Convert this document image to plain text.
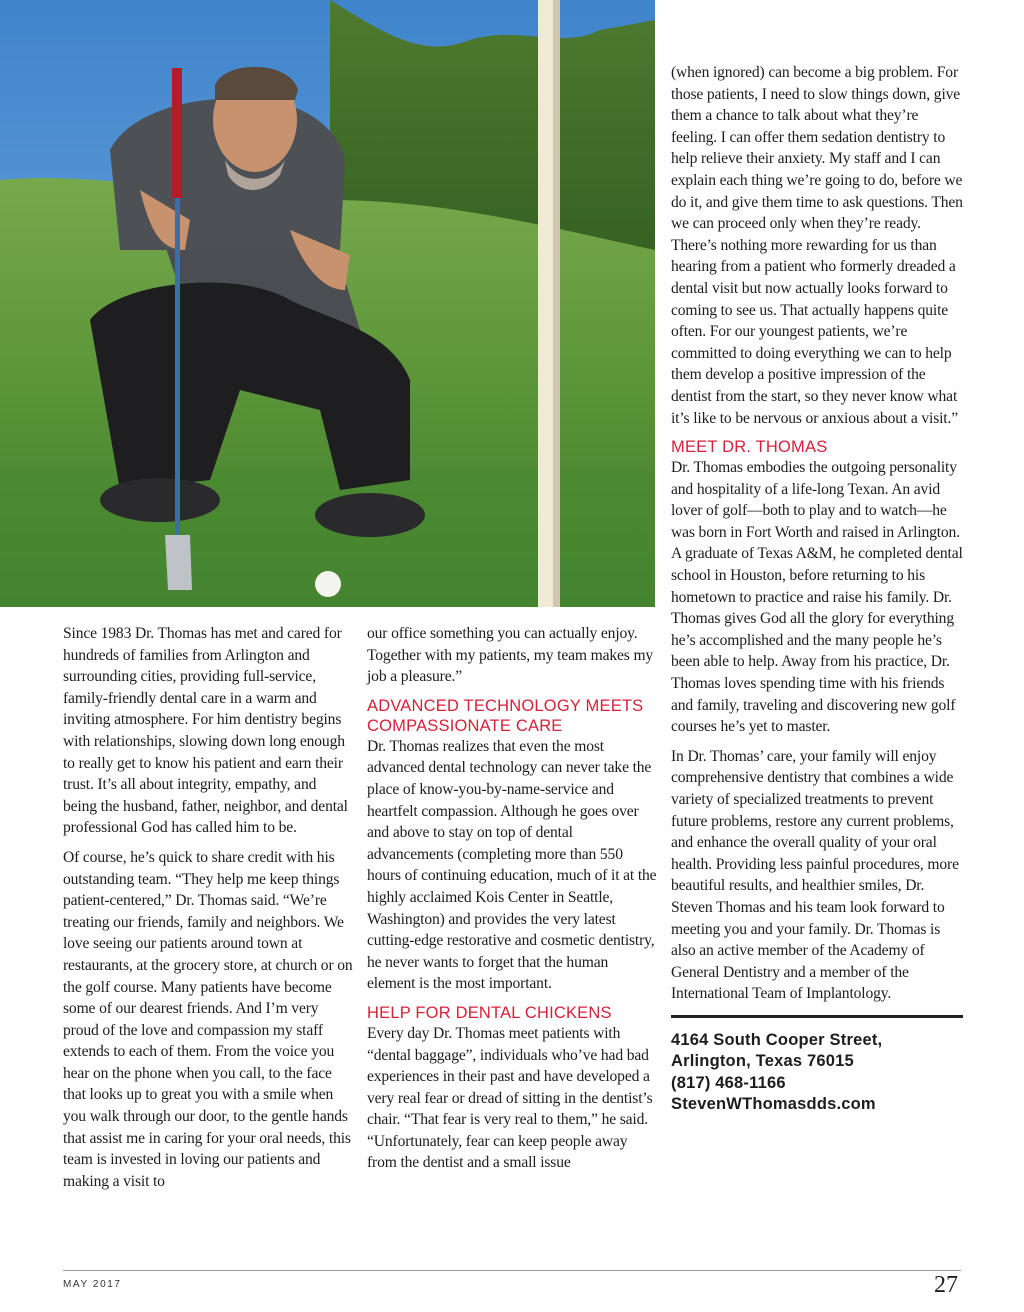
Since 1983 Dr. Thomas has met and cared for hundreds of families from Arlington and surrounding cities, providing full-service, family-friendly dental care in a warm and inviting atmosphere. For him dentistry begins with relationships, slowing down long enough to really get to know his patient and earn their trust. It’s all about integrity, empathy, and being the husband, father, neighbor, and dental professional God has called him to be.

Of course, he’s quick to share credit with his outstanding team. “They help me keep things patient-centered,” Dr. Thomas said. “We’re treating our friends, family and neighbors. We love seeing our patients around town at restaurants, at the grocery store, at church or on the golf course. Many patients have become some of our dearest friends. And I’m very proud of the love and compassion my staff extends to each of them. From the voice you hear on the phone when you call, to the face that looks up to great you with a smile when you walk through our door, to the gentle hands that assist me in caring for your oral needs, this team is invested in loving our patients and making a visit to

our office something you can actually enjoy. Together with my patients, my team makes my job a pleasure.”

ADVANCED TECHNOLOGY MEETS COMPASSIONATE CARE

Dr. Thomas realizes that even the most advanced dental technology can never take the place of know-you-by-name-service and heartfelt compassion. Although he goes over and above to stay on top of dental advancements (completing more than 550 hours of continuing education, much of it at the highly acclaimed Kois Center in Seattle, Washington) and provides the very latest cutting-edge restorative and cosmetic dentistry, he never wants to forget that the human element is the most important.

HELP FOR DENTAL CHICKENS

Every day Dr. Thomas meet patients with “dental baggage”, individuals who’ve had bad experiences in their past and have developed a very real fear or dread of sitting in the dentist’s chair. “That fear is very real to them,” he said. “Unfortunately, fear can keep people away from the dentist and a small issue

(when ignored) can become a big problem. For those patients, I need to slow things down, give them a chance to talk about what they’re feeling. I can offer them sedation dentistry to help relieve their anxiety. My staff and I can explain each thing we’re going to do, before we do it, and give them time to ask questions. Then we can proceed only when they’re ready. There’s nothing more rewarding for us than hearing from a patient who formerly dreaded a dental visit but now actually looks forward to coming to see us. That actually happens quite often. For our youngest patients, we’re committed to doing everything we can to help them develop a positive impression of the dentist from the start, so they never know what it’s like to be nervous or anxious about a visit.”

MEET DR. THOMAS

Dr. Thomas embodies the outgoing personality and hospitality of a life-long Texan. An avid lover of golf—both to play and to watch—he was born in Fort Worth and raised in Arlington. A graduate of Texas A&M, he completed dental school in Houston, before returning to his hometown to practice and raise his family. Dr. Thomas gives God all the glory for everything he’s accomplished and the many people he’s been able to help. Away from his practice, Dr. Thomas loves spending time with his friends and family, traveling and discovering new golf courses he’s yet to master.

In Dr. Thomas’ care, your family will enjoy comprehensive dentistry that combines a wide variety of specialized treatments to prevent future problems, restore any current problems, and enhance the overall quality of your oral health. Providing less painful procedures, more beautiful results, and healthier smiles, Dr. Steven Thomas and his team look forward to meeting you and your family. Dr. Thomas is also an active member of the Academy of General Dentistry and a member of the International Team of Implantology.

4164 South Cooper Street,
Arlington, Texas 76015
(817) 468-1166
StevenWThomasdds.com
MAY 2017	27
